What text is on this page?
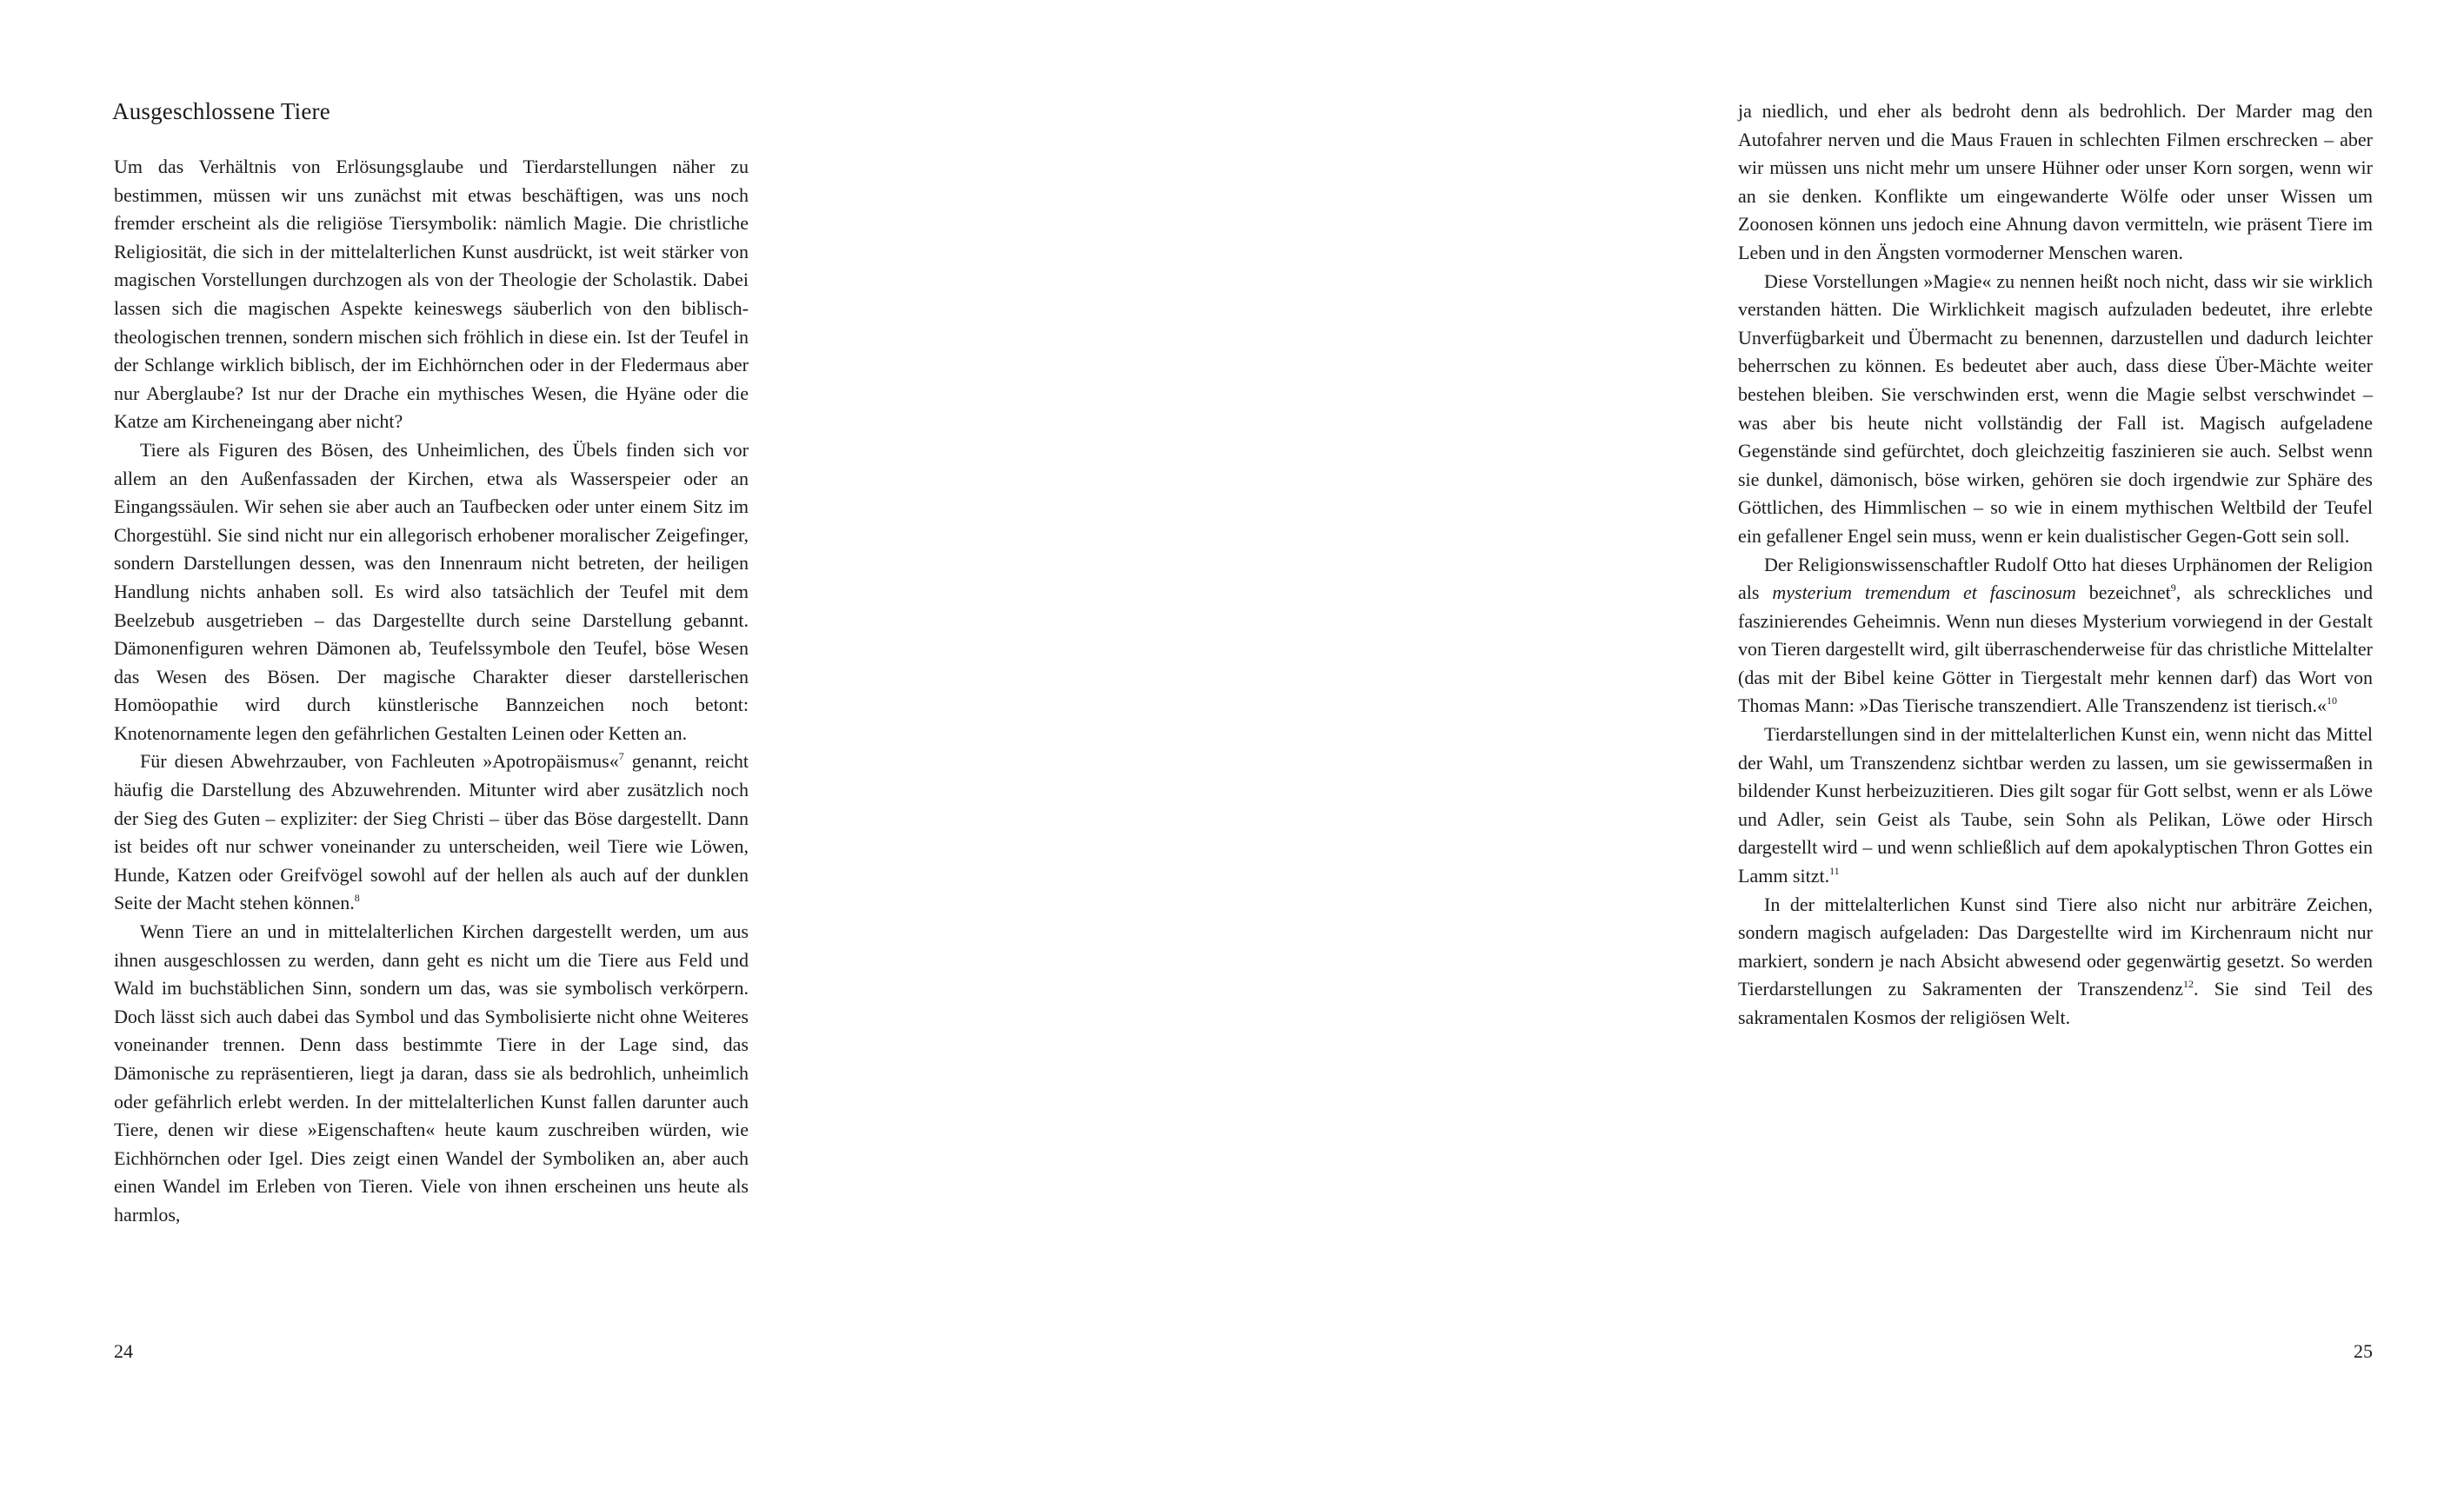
Ausgeschlossene Tiere

Um das Verhältnis von Erlösungsglaube und Tierdarstellungen näher zu bestimmen, müssen wir uns zunächst mit etwas beschäftigen, was uns noch fremder erscheint als die religiöse Tiersymbolik: nämlich Magie. Die christliche Religiosität, die sich in der mittelalterlichen Kunst ausdrückt, ist weit stärker von magischen Vorstellungen durchzogen als von der Theologie der Scholastik. Dabei lassen sich die magischen Aspekte keineswegs säuberlich von den biblisch-theologischen trennen, sondern mischen sich fröhlich in diese ein. Ist der Teufel in der Schlange wirklich biblisch, der im Eichhörnchen oder in der Fledermaus aber nur Aberglaube? Ist nur der Drache ein mythisches Wesen, die Hyäne oder die Katze am Kircheneingang aber nicht?

Tiere als Figuren des Bösen, des Unheimlichen, des Übels finden sich vor allem an den Außenfassaden der Kirchen, etwa als Wasserspeier oder an Eingangssäulen. Wir sehen sie aber auch an Taufbecken oder unter einem Sitz im Chorgestühl. Sie sind nicht nur ein allegorisch erhobener moralischer Zeigefinger, sondern Darstellungen dessen, was den Innenraum nicht betreten, der heiligen Handlung nichts anhaben soll. Es wird also tatsächlich der Teufel mit dem Beelzebub ausgetrieben – das Dargestellte durch seine Darstellung gebannt. Dämonenfiguren wehren Dämonen ab, Teufelssymbole den Teufel, böse Wesen das Wesen des Bösen. Der magische Charakter dieser darstellerischen Homöopathie wird durch künstlerische Bannzeichen noch betont: Knotenornamente legen den gefährlichen Gestalten Leinen oder Ketten an.

Für diesen Abwehrzauber, von Fachleuten »Apotropäismus«$^7$ genannt, reicht häufig die Darstellung des Abzuwehrenden. Mitunter wird aber zusätzlich noch der Sieg des Guten – expliziter: der Sieg Christi – über das Böse dargestellt. Dann ist beides oft nur schwer voneinander zu unterscheiden, weil Tiere wie Löwen, Hunde, Katzen oder Greifvögel sowohl auf der hellen als auch auf der dunklen Seite der Macht stehen können.$^8$

Wenn Tiere an und in mittelalterlichen Kirchen dargestellt werden, um aus ihnen ausgeschlossen zu werden, dann geht es nicht um die Tiere aus Feld und Wald im buchstäblichen Sinn, sondern um das, was sie symbolisch verkörpern. Doch lässt sich auch dabei das Symbol und das Symbolisierte nicht ohne Weiteres voneinander trennen. Denn dass bestimmte Tiere in der Lage sind, das Dämonische zu repräsentieren, liegt ja daran, dass sie als bedrohlich, unheimlich oder gefährlich erlebt werden. In der mittelalterlichen Kunst fallen darunter auch Tiere, denen wir diese »Eigenschaften« heute kaum zuschreiben würden, wie Eichhörnchen oder Igel. Dies zeigt einen Wandel der Symboliken an, aber auch einen Wandel im Erleben von Tieren. Viele von ihnen erscheinen uns heute als harmlos,

24

ja niedlich, und eher als bedroht denn als bedrohlich. Der Marder mag den Autofahrer nerven und die Maus Frauen in schlechten Filmen erschrecken – aber wir müssen uns nicht mehr um unsere Hühner oder unser Korn sorgen, wenn wir an sie denken. Konflikte um eingewanderte Wölfe oder unser Wissen um Zoonosen können uns jedoch eine Ahnung davon vermitteln, wie präsent Tiere im Leben und in den Ängsten vormoderner Menschen waren.

Diese Vorstellungen »Magie« zu nennen heißt noch nicht, dass wir sie wirklich verstanden hätten. Die Wirklichkeit magisch aufzuladen bedeutet, ihre erlebte Unverfügbarkeit und Übermacht zu benennen, darzustellen und dadurch leichter beherrschen zu können. Es bedeutet aber auch, dass diese Über-Mächte weiter bestehen bleiben. Sie verschwinden erst, wenn die Magie selbst verschwindet – was aber bis heute nicht vollständig der Fall ist. Magisch aufgeladene Gegenstände sind gefürchtet, doch gleichzeitig faszinieren sie auch. Selbst wenn sie dunkel, dämonisch, böse wirken, gehören sie doch irgendwie zur Sphäre des Göttlichen, des Himmlischen – so wie in einem mythischen Weltbild der Teufel ein gefallener Engel sein muss, wenn er kein dualistischer Gegen-Gott sein soll.

Der Religionswissenschaftler Rudolf Otto hat dieses Urphänomen der Religion als mysterium tremendum et fascinosum bezeichnet$^9$, als schreckliches und faszinierendes Geheimnis. Wenn nun dieses Mysterium vorwiegend in der Gestalt von Tieren dargestellt wird, gilt überraschenderweise für das christliche Mittelalter (das mit der Bibel keine Götter in Tiergestalt mehr kennen darf) das Wort von Thomas Mann: »Das Tierische transzendiert. Alle Transzendenz ist tierisch.«$^{10}$

Tierdarstellungen sind in der mittelalterlichen Kunst ein, wenn nicht das Mittel der Wahl, um Transzendenz sichtbar werden zu lassen, um sie gewissermaßen in bildender Kunst herbeizuzitieren. Dies gilt sogar für Gott selbst, wenn er als Löwe und Adler, sein Geist als Taube, sein Sohn als Pelikan, Löwe oder Hirsch dargestellt wird – und wenn schließlich auf dem apokalyptischen Thron Gottes ein Lamm sitzt.$^{11}$

In der mittelalterlichen Kunst sind Tiere also nicht nur arbiträre Zeichen, sondern magisch aufgeladen: Das Dargestellte wird im Kirchenraum nicht nur markiert, sondern je nach Absicht abwesend oder gegenwärtig gesetzt. So werden Tierdarstellungen zu Sakramenten der Transzendenz$^{12}$. Sie sind Teil des sakramentalen Kosmos der religiösen Welt.

25
